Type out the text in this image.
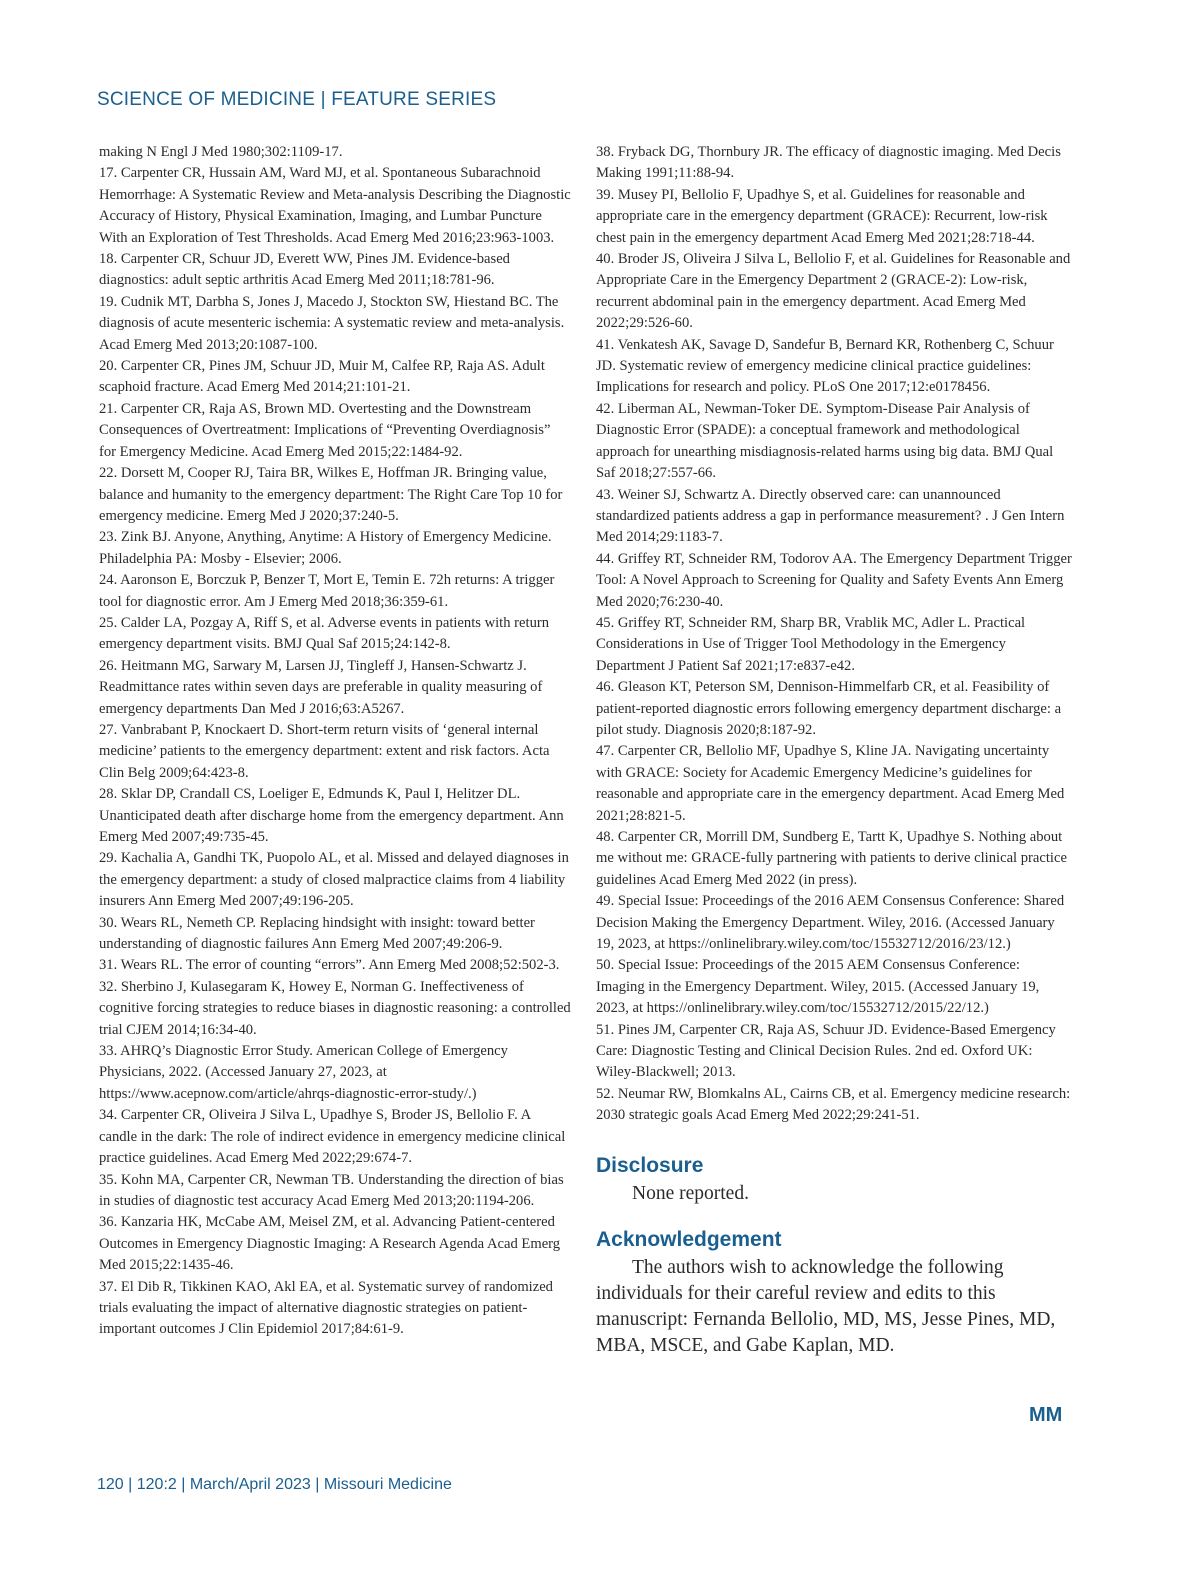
SCIENCE OF MEDICINE | FEATURE SERIES

making N Engl J Med 1980;302:1109-17.

17. Carpenter CR, Hussain AM, Ward MJ, et al. Spontaneous Subarachnoid Hemorrhage: A Systematic Review and Meta-analysis Describing the Diagnostic Accuracy of History, Physical Examination, Imaging, and Lumbar Puncture With an Exploration of Test Thresholds. Acad Emerg Med 2016;23:963-1003.

18. Carpenter CR, Schuur JD, Everett WW, Pines JM. Evidence-based diagnostics: adult septic arthritis Acad Emerg Med 2011;18:781-96.

19. Cudnik MT, Darbha S, Jones J, Macedo J, Stockton SW, Hiestand BC. The diagnosis of acute mesenteric ischemia: A systematic review and meta-analysis. Acad Emerg Med 2013;20:1087-100.

20. Carpenter CR, Pines JM, Schuur JD, Muir M, Calfee RP, Raja AS. Adult scaphoid fracture. Acad Emerg Med 2014;21:101-21.

21. Carpenter CR, Raja AS, Brown MD. Overtesting and the Downstream Consequences of Overtreatment: Implications of “Preventing Overdiagnosis” for Emergency Medicine. Acad Emerg Med 2015;22:1484-92.

22. Dorsett M, Cooper RJ, Taira BR, Wilkes E, Hoffman JR. Bringing value, balance and humanity to the emergency department: The Right Care Top 10 for emergency medicine. Emerg Med J 2020;37:240-5.

23. Zink BJ. Anyone, Anything, Anytime: A History of Emergency Medicine. Philadelphia PA: Mosby - Elsevier; 2006.

24. Aaronson E, Borczuk P, Benzer T, Mort E, Temin E. 72h returns: A trigger tool for diagnostic error. Am J Emerg Med 2018;36:359-61.

25. Calder LA, Pozgay A, Riff S, et al. Adverse events in patients with return emergency department visits. BMJ Qual Saf 2015;24:142-8.

26. Heitmann MG, Sarwary M, Larsen JJ, Tingleff J, Hansen-Schwartz J. Readmittance rates within seven days are preferable in quality measuring of emergency departments Dan Med J 2016;63:A5267.

27. Vanbrabant P, Knockaert D. Short-term return visits of ‘general internal medicine’ patients to the emergency department: extent and risk factors. Acta Clin Belg 2009;64:423-8.

28. Sklar DP, Crandall CS, Loeliger E, Edmunds K, Paul I, Helitzer DL. Unanticipated death after discharge home from the emergency department. Ann Emerg Med 2007;49:735-45.

29. Kachalia A, Gandhi TK, Puopolo AL, et al. Missed and delayed diagnoses in the emergency department: a study of closed malpractice claims from 4 liability insurers Ann Emerg Med 2007;49:196-205.

30. Wears RL, Nemeth CP. Replacing hindsight with insight: toward better understanding of diagnostic failures Ann Emerg Med 2007;49:206-9.

31. Wears RL. The error of counting “errors”. Ann Emerg Med 2008;52:502-3.

32. Sherbino J, Kulasegaram K, Howey E, Norman G. Ineffectiveness of cognitive forcing strategies to reduce biases in diagnostic reasoning: a controlled trial CJEM 2014;16:34-40.

33. AHRQ’s Diagnostic Error Study. American College of Emergency Physicians, 2022. (Accessed January 27, 2023, at https://www.acepnow.com/article/ahrqs-diagnostic-error-study/.)

34. Carpenter CR, Oliveira J Silva L, Upadhye S, Broder JS, Bellolio F. A candle in the dark: The role of indirect evidence in emergency medicine clinical practice guidelines. Acad Emerg Med 2022;29:674-7.

35. Kohn MA, Carpenter CR, Newman TB. Understanding the direction of bias in studies of diagnostic test accuracy Acad Emerg Med 2013;20:1194-206.

36. Kanzaria HK, McCabe AM, Meisel ZM, et al. Advancing Patient-centered Outcomes in Emergency Diagnostic Imaging: A Research Agenda Acad Emerg Med 2015;22:1435-46.

37. El Dib R, Tikkinen KAO, Akl EA, et al. Systematic survey of randomized trials evaluating the impact of alternative diagnostic strategies on patient-important outcomes J Clin Epidemiol 2017;84:61-9.

38. Fryback DG, Thornbury JR. The efficacy of diagnostic imaging. Med Decis Making 1991;11:88-94.

39. Musey PI, Bellolio F, Upadhye S, et al. Guidelines for reasonable and appropriate care in the emergency department (GRACE): Recurrent, low-risk chest pain in the emergency department Acad Emerg Med 2021;28:718-44.

40. Broder JS, Oliveira J Silva L, Bellolio F, et al. Guidelines for Reasonable and Appropriate Care in the Emergency Department 2 (GRACE-2): Low-risk, recurrent abdominal pain in the emergency department. Acad Emerg Med 2022;29:526-60.

41. Venkatesh AK, Savage D, Sandefur B, Bernard KR, Rothenberg C, Schuur JD. Systematic review of emergency medicine clinical practice guidelines: Implications for research and policy. PLoS One 2017;12:e0178456.

42. Liberman AL, Newman-Toker DE. Symptom-Disease Pair Analysis of Diagnostic Error (SPADE): a conceptual framework and methodological approach for unearthing misdiagnosis-related harms using big data. BMJ Qual Saf 2018;27:557-66.

43. Weiner SJ, Schwartz A. Directly observed care: can unannounced standardized patients address a gap in performance measurement? . J Gen Intern Med 2014;29:1183-7.

44. Griffey RT, Schneider RM, Todorov AA. The Emergency Department Trigger Tool: A Novel Approach to Screening for Quality and Safety Events Ann Emerg Med 2020;76:230-40.

45. Griffey RT, Schneider RM, Sharp BR, Vrablik MC, Adler L. Practical Considerations in Use of Trigger Tool Methodology in the Emergency Department J Patient Saf 2021;17:e837-e42.

46. Gleason KT, Peterson SM, Dennison-Himmelfarb CR, et al. Feasibility of patient-reported diagnostic errors following emergency department discharge: a pilot study. Diagnosis 2020;8:187-92.

47. Carpenter CR, Bellolio MF, Upadhye S, Kline JA. Navigating uncertainty with GRACE: Society for Academic Emergency Medicine’s guidelines for reasonable and appropriate care in the emergency department. Acad Emerg Med 2021;28:821-5.

48. Carpenter CR, Morrill DM, Sundberg E, Tartt K, Upadhye S. Nothing about me without me: GRACE-fully partnering with patients to derive clinical practice guidelines Acad Emerg Med 2022 (in press).

49. Special Issue: Proceedings of the 2016 AEM Consensus Conference: Shared Decision Making the Emergency Department. Wiley, 2016. (Accessed January 19, 2023, at https://onlinelibrary.wiley.com/toc/15532712/2016/23/12.)

50. Special Issue: Proceedings of the 2015 AEM Consensus Conference: Imaging in the Emergency Department. Wiley, 2015. (Accessed January 19, 2023, at https://onlinelibrary.wiley.com/toc/15532712/2015/22/12.)

51. Pines JM, Carpenter CR, Raja AS, Schuur JD. Evidence-Based Emergency Care: Diagnostic Testing and Clinical Decision Rules. 2nd ed. Oxford UK: Wiley-Blackwell; 2013.

52. Neumar RW, Blomkalns AL, Cairns CB, et al. Emergency medicine research: 2030 strategic goals Acad Emerg Med 2022;29:241-51.

Disclosure

None reported.

Acknowledgement

The authors wish to acknowledge the following individuals for their careful review and edits to this manuscript: Fernanda Bellolio, MD, MS, Jesse Pines, MD, MBA, MSCE, and Gabe Kaplan, MD.

MM
120 | 120:2 | March/April 2023 | Missouri Medicine
